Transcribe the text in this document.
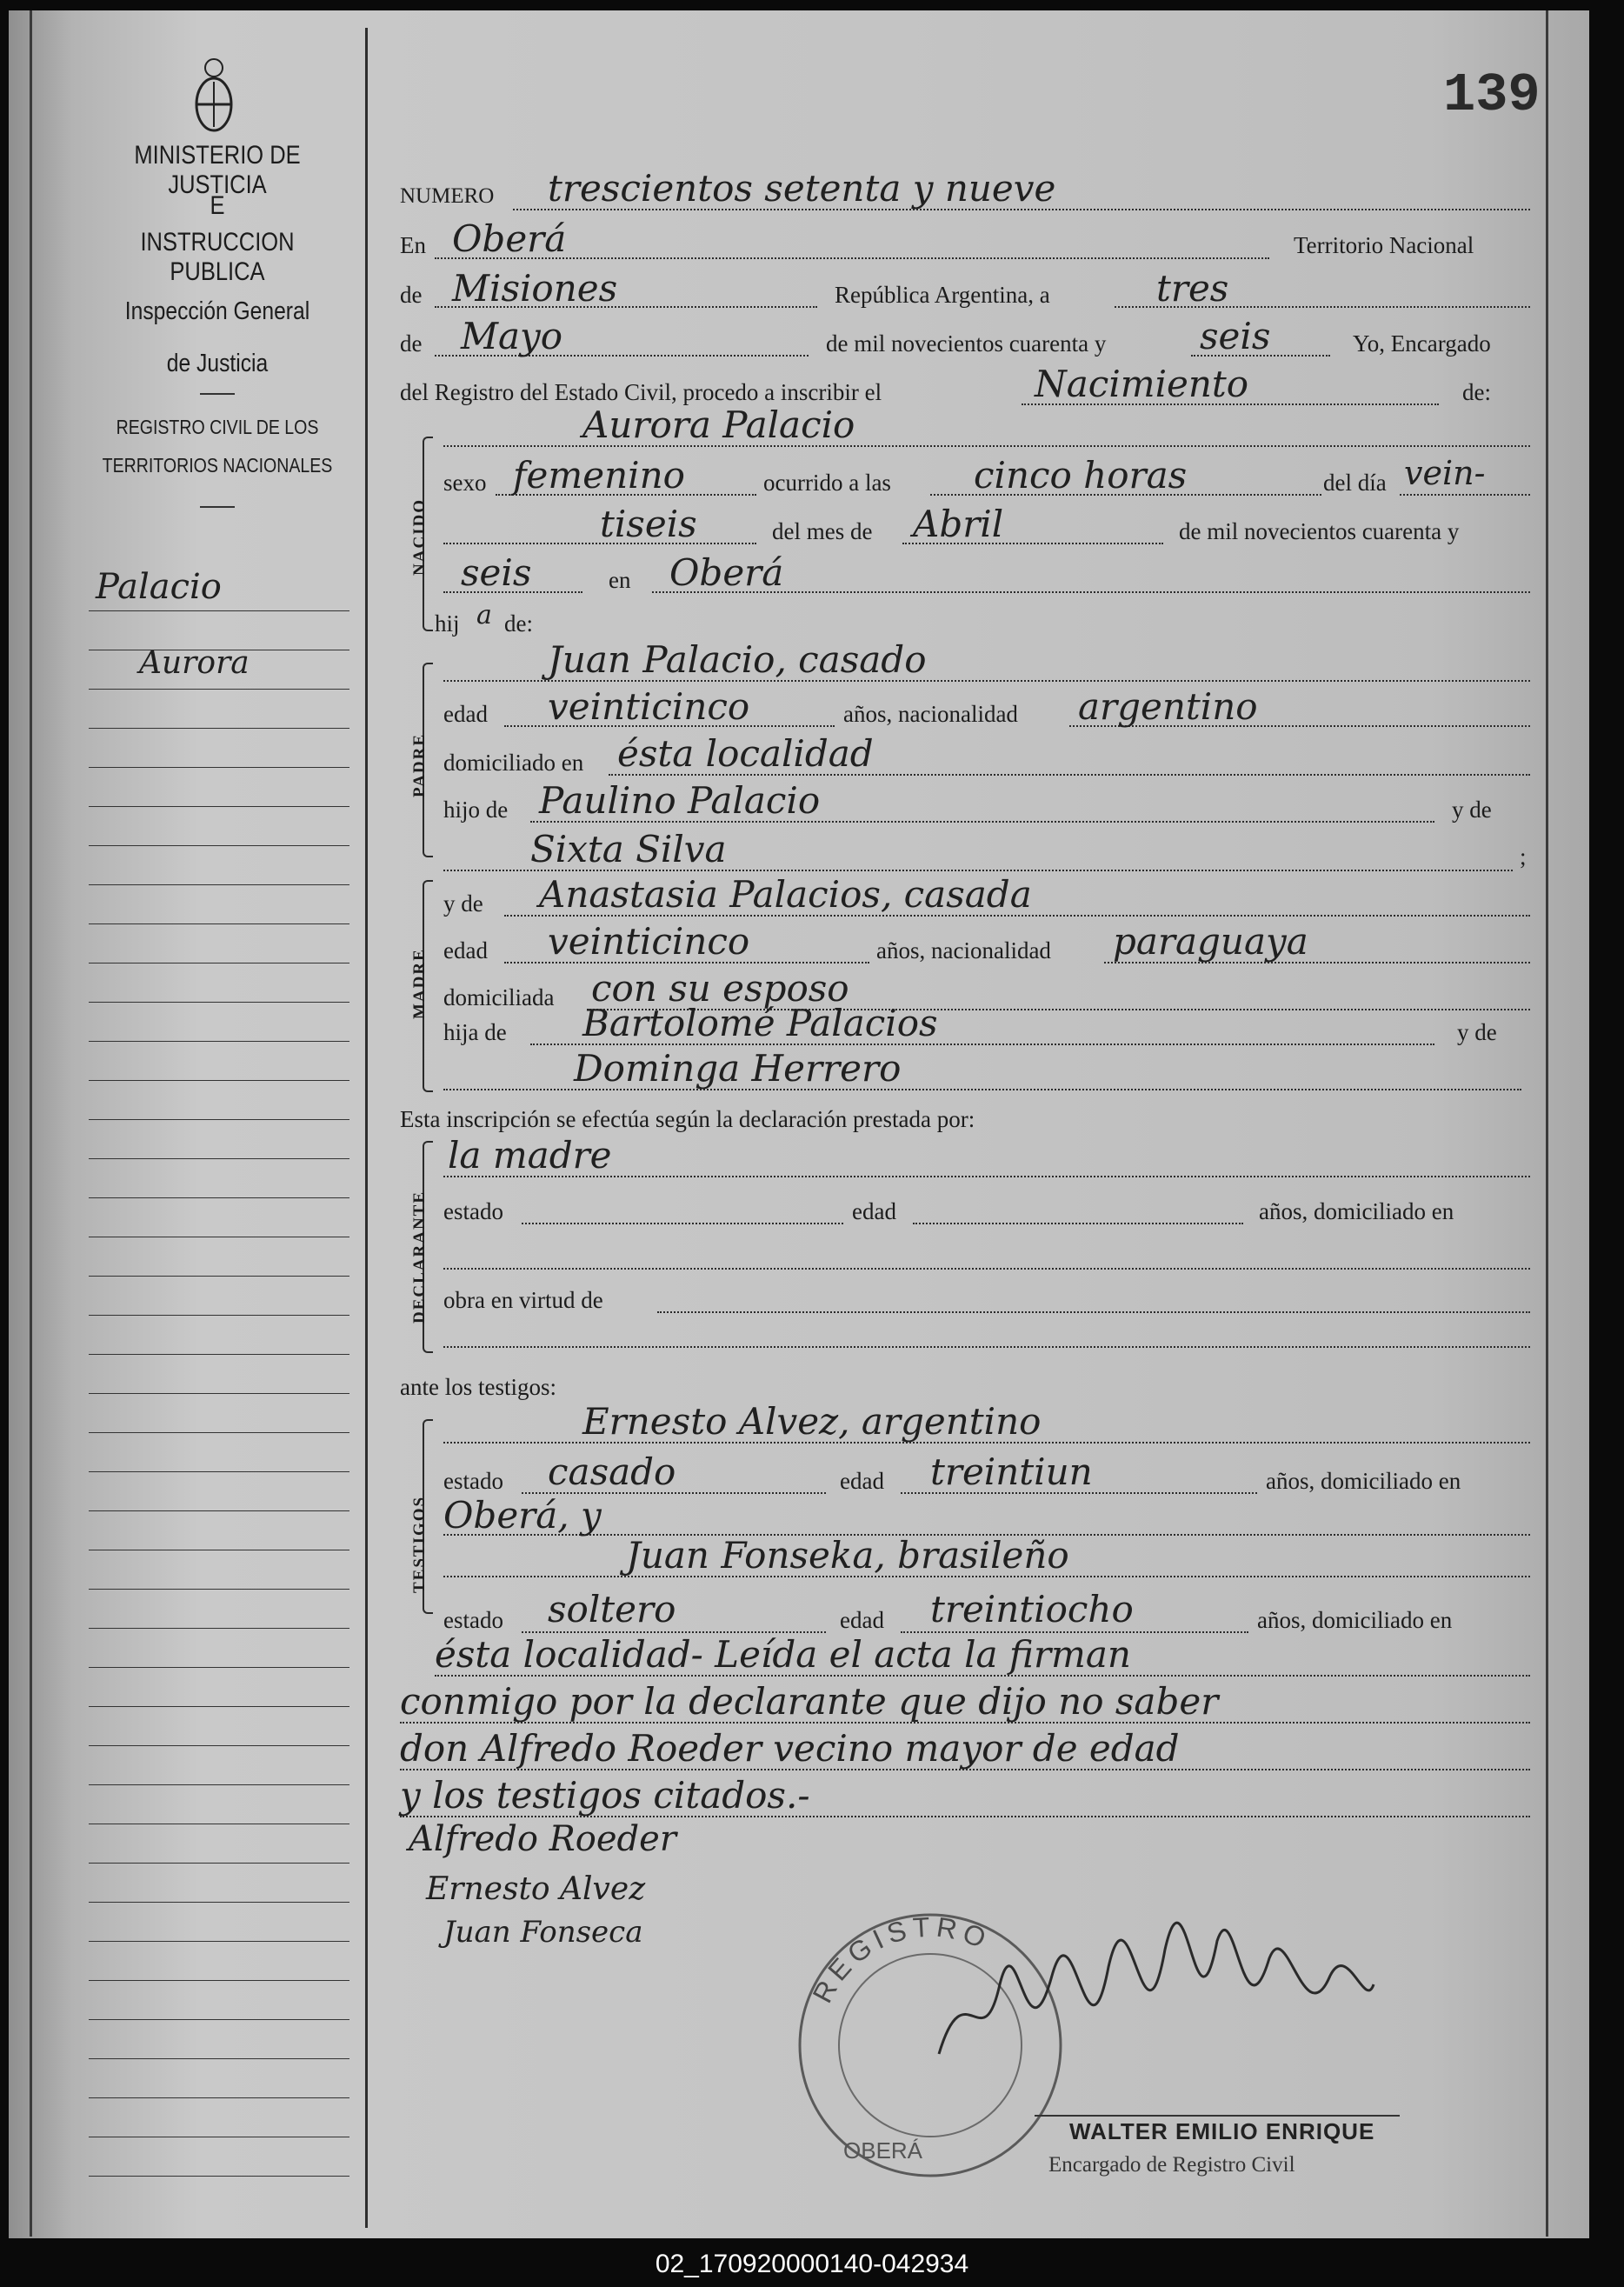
MINISTERIO DE JUSTICIA
E
INSTRUCCION PUBLICA
Inspección General
de Justicia
REGISTRO CIVIL DE LOS
TERRITORIOS NACIONALES
Palacio
Aurora
139
NUMERO trescientos setenta y nueve
En Oberá	Territorio Nacional
de Misiones	República Argentina, a	tres
de Mayo	de mil novecientos cuarenta y	seis	Yo, Encargado
del Registro del Estado Civil, procedo a inscribir el	Nacimiento	de:
NACIDO
Aurora Palacio
sexo femenino	ocurrido a las cinco horas	del día vein-
tiseis	del mes de Abril	de mil novecientos cuarenta y
seis	en Oberá
hij a de:
PADRE
Juan Palacio, casado
edad veinticinco	años, nacionalidad argentino
domiciliado en ésta localidad
hijo de Paulino Palacio	y de
Sixta Silva	;
MADRE
y de Anastasia Palacios, casada
edad veinticinco	años, nacionalidad paraguaya
domiciliada con su esposo
hija de Bartolomé Palacios	y de
Dominga Herrero
Esta inscripción se efectúa según la declaración prestada por:
DECLARANTE
la madre
estado	edad	años, domiciliado en
obra en virtud de
ante los testigos:
TESTIGOS
Ernesto Alvez, argentino
estado casado	edad treintiun	años, domiciliado en
Oberá, y
Juan Fonseka, brasileño
estado soltero	edad treintiocho	años, domiciliado en
ésta localidad- Leída el acta la firman
conmigo por la declarante que dijo no saber
don Alfredo Roeder vecino mayor de edad
y los testigos citados.-
Alfredo Roeder
Ernesto Alvez
Juan Fonseca
REGISTRO
OBERÁ
WALTER EMILIO ENRIQUE
Encargado de Registro Civil
02_170920000140-042934
